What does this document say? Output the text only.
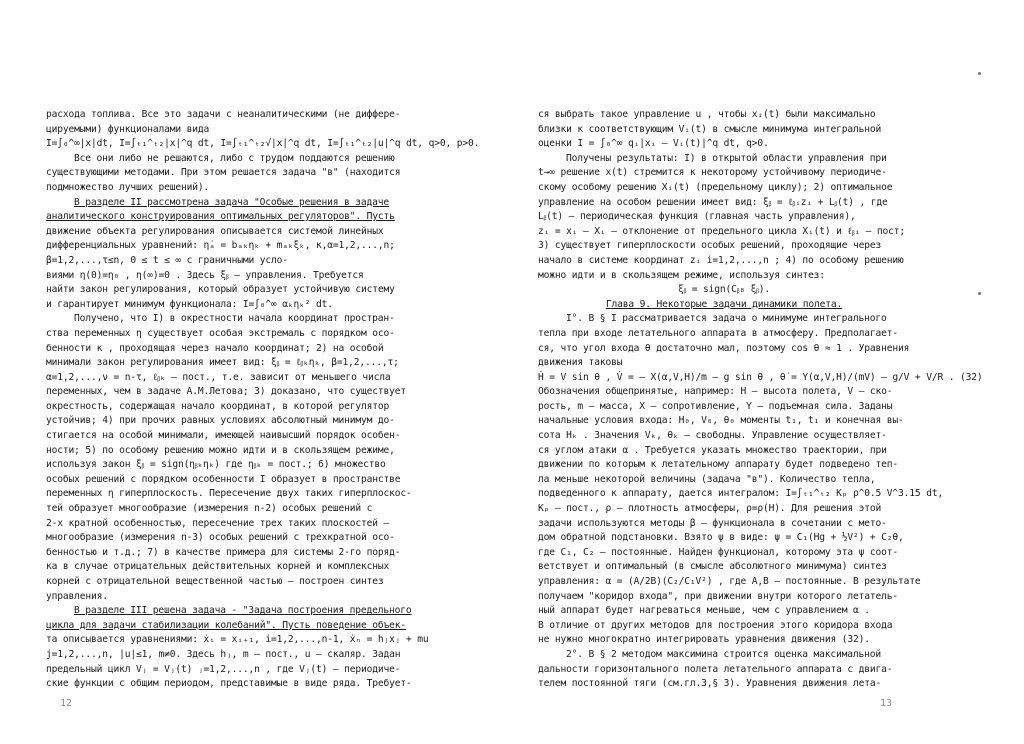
расхода топлива. Все это задачи с неаналитическими (не диффере-
цируемыми) функционалами вида
I=∫₀^∞|x|dt, I=∫ₜ₁^ₜ₂|x|^q dt, I=∫ₜ₁^ₜ₂√|x|^q dt, I=∫ₜ₁^ₜ₂|u|^q dt, q>0, p>0.
Все они либо не решаются, либо с трудом поддаются решению
существующими методами. При этом решается задача "в" (находится
подмножество лучших решений).
В разделе II рассмотрена задача "Особые решения в задаче
аналитического конструирования оптимальных регуляторов". Пусть
движение объекта регулирования описывается системой линейных
дифференциальных уравнений: η̇ₐ = bₐₖηₖ + mₐₖξₖ, κ,α=1,2,...,n;
β=1,2,...,τ≤n, 0 ≤ t ≤ ∞ с граничными усло-
виями η(0)=η₀ , η(∞)=0 . Здесь ξᵦ – управления. Требуется
найти закон регулирования, который образует устойчивую систему
и гарантирует минимум функционала: I=∫₀^∞ αₖηₖ² dt.
Получено, что I) в окрестности начала координат простран-
ства переменных η существует особая экстремаль с порядком осо-
бенности κ , проходящая через начало координат; 2) на особой
минимали закон регулирования имеет вид: ξᵦ = ℓᵦₖηₖ, β=1,2,...,τ;
α=1,2,...,ν = n-τ, ℓᵦₖ – пост., т.е. зависит от меньшего числа
переменных, чем в задаче А.М.Летова; 3) доказано, что существует
окрестность, содержащая начало координат, в которой регулятор
устойчив; 4) при прочих равных условиях абсолютный минимум до-
стигается на особой минимали, имеющей наивысший порядок особен-
ности; 5) по особому решению можно идти и в скользящем режиме,
используя закон ξᵦ = sign(ηᵦₖηₖ) где ηᵦₖ = пост.; 6) множество
особых решений с порядком особенности I образует в пространстве
переменных η гиперплоскость. Пересечение двух таких гиперплоскос-
тей образует многообразие (измерения n-2) особых решений с
2-х кратной особенностью, пересечение трех таких плоскостей –
многообразие (измерения n-3) особых решений с трехкратной осо-
бенностью и т.д.; 7) в качестве примера для системы 2-го поряд-
ка в случае отрицательных действительных корней и комплексных
корней с отрицательной вещественной частью – построен синтез
управления.
В разделе III решена задача - "Задача построения предельного
цикла для задачи стабилизации колебаний". Пусть поведение объек-
та описывается уравнениями: ẋᵢ = xᵢ₊₁, i=1,2,...,n-1, ẋₙ = hⱼxⱼ + mu
j=1,2,...,n, |u|≤1, m≠0. Здесь hⱼ, m – пост., u – скаляр. Задан
предельный цикл Vⱼ = Vⱼ(t) ⱼ=1,2,...,n , где Vⱼ(t) – периодиче-
ские функции с общим периодом, представимые в виде ряда. Требует-
12
ся выбрать такое управление u , чтобы xᵢ(t) были максимально
близки к соответствующим Vᵢ(t) в смысле минимума интегральной
оценки I = ∫₀^∞ qᵢ|xᵢ – Vᵢ(t)|^q dt, q>0.
Получены результаты: I) в открытой области управления при
t→∞ решение x(t) стремится к некоторому устойчивому периодиче-
скому особому решению Xᵢ(t) (предельному циклу); 2) оптимальное
управление на особом решении имеет вид: ξᵦ = ℓᵦᵢzᵢ + Lᵦ(t) , где
Lᵦ(t) – периодическая функция (главная часть управления),
zᵢ = xᵢ – Xᵢ – отклонение от предельного цикла Xᵢ(t) и ℓᵦᵢ – пост;
3) существует гиперплоскости особых решений, проходящие через
начало в системе координат zᵢ i=1,2,...,n ; 4) по особому решению
можно идти и в скользящем режиме, используя синтез:
ξᵦ = sign(Cᵦ₈ ξᵦ).
Глава 9. Некоторые задачи динамики полета.
I°. В § I рассматривается задача о минимуме интегрального
тепла при входе летательного аппарата в атмосферу. Предполагает-
ся, что угол входа θ достаточно мал, поэтому cos θ ≈ 1 . Уравнения
движения таковы
Ḣ = V sin θ , V̇ = – X(α,V,H)/m – g sin θ , θ̇ = Y(α,V,H)/(mV) – g/V + V/R . (32)
Обозначения общепринятые, например: H – высота полета, V – ско-
рость, m – масса, X – сопротивление, Y – подъемная сила. Заданы
начальные условия входа: H₀, V₀, θ₀ моменты t₁, t₁ и конечная вы-
сота Hₖ . Значения Vₖ, θₖ – свободны. Управление осуществляет-
ся углом атаки α . Требуется указать множество траектории, при
движении по которым к летательному аппарату будет подведено теп-
ла меньше некоторой величины (задача "в"). Количество тепла,
подведенного к аппарату, дается интегралом: I=∫ₜ₁^ₜ₂ Kₚ ρ^0.5 V^3.15 dt,
Kₚ – пост., ρ – плотность атмосферы, ρ=ρ(H). Для решения этой
задачи используются методы β – функционала в сочетании с мето-
дом обратной подстановки. Взято ψ в виде: ψ = C₁(Hg + ½V²) + C₂θ,
где C₁, C₂ – постоянные. Найден функционал, которому эта ψ соот-
ветствует и оптимальный (в смысле абсолютного минимума) синтез
управления: α = (A/2B)(C₂/C₁V²) , где A,B – постоянные. В результате
получаем "коридор входа", при движении внутри которого летатель-
ный аппарат будет нагреваться меньше, чем с управлением α .
В отличие от других методов для построения этого коридора входа
не нужно многократно интегрировать уравнения движения (32).
2°. В § 2 методом максимина строится оценка максимальной
дальности горизонтального полета летательного аппарата с двига-
телем постоянной тяги (см.гл.3,§ 3). Уравнения движения лета-
13
